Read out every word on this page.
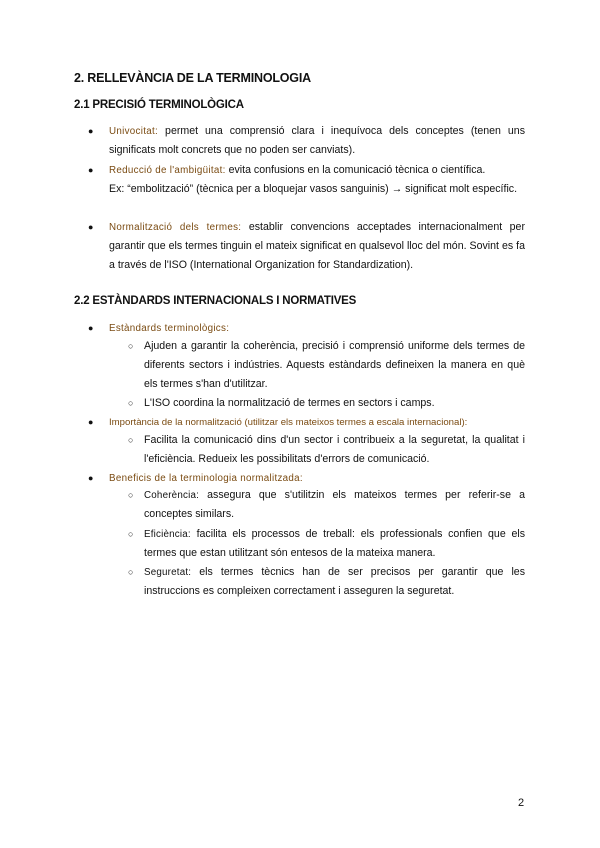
2. RELLEVÀNCIA DE LA TERMINOLOGIA
2.1 PRECISIÓ TERMINOLÒGICA
● Univocitat: permet una comprensió clara i inequívoca dels conceptes (tenen uns significats molt concrets que no poden ser canviats).
● Reducció de l'ambigüitat: evita confusions en la comunicació tècnica o científica.
Ex: “embolització” (tècnica per a bloquejar vasos sanguinis) → significat molt específic.
● Normalització dels termes: establir convencions acceptades internacionalment per garantir que els termes tinguin el mateix significat en qualsevol lloc del món. Sovint es fa a través de l'ISO (International Organization for Standardization).
2.2 ESTÀNDARDS INTERNACIONALS I NORMATIVES
● Estàndards terminològics:
○ Ajuden a garantir la coherència, precisió i comprensió uniforme dels termes de diferents sectors i indústries. Aquests estàndards defineixen la manera en què els termes s'han d'utilitzar.
○ L'ISO coordina la normalització de termes en sectors i camps.
● Importància de la normalització (utilitzar els mateixos termes a escala internacional):
○ Facilita la comunicació dins d'un sector i contribueix a la seguretat, la qualitat i l'eficiència. Redueix les possibilitats d'errors de comunicació.
● Beneficis de la terminologia normalitzada:
○ Coherència: assegura que s'utilitzin els mateixos termes per referir-se a conceptes similars.
○ Eficiència: facilita els processos de treball: els professionals confien que els termes que estan utilitzant són entesos de la mateixa manera.
○ Seguretat: els termes tècnics han de ser precisos per garantir que les instruccions es compleixen correctament i asseguren la seguretat.
2
